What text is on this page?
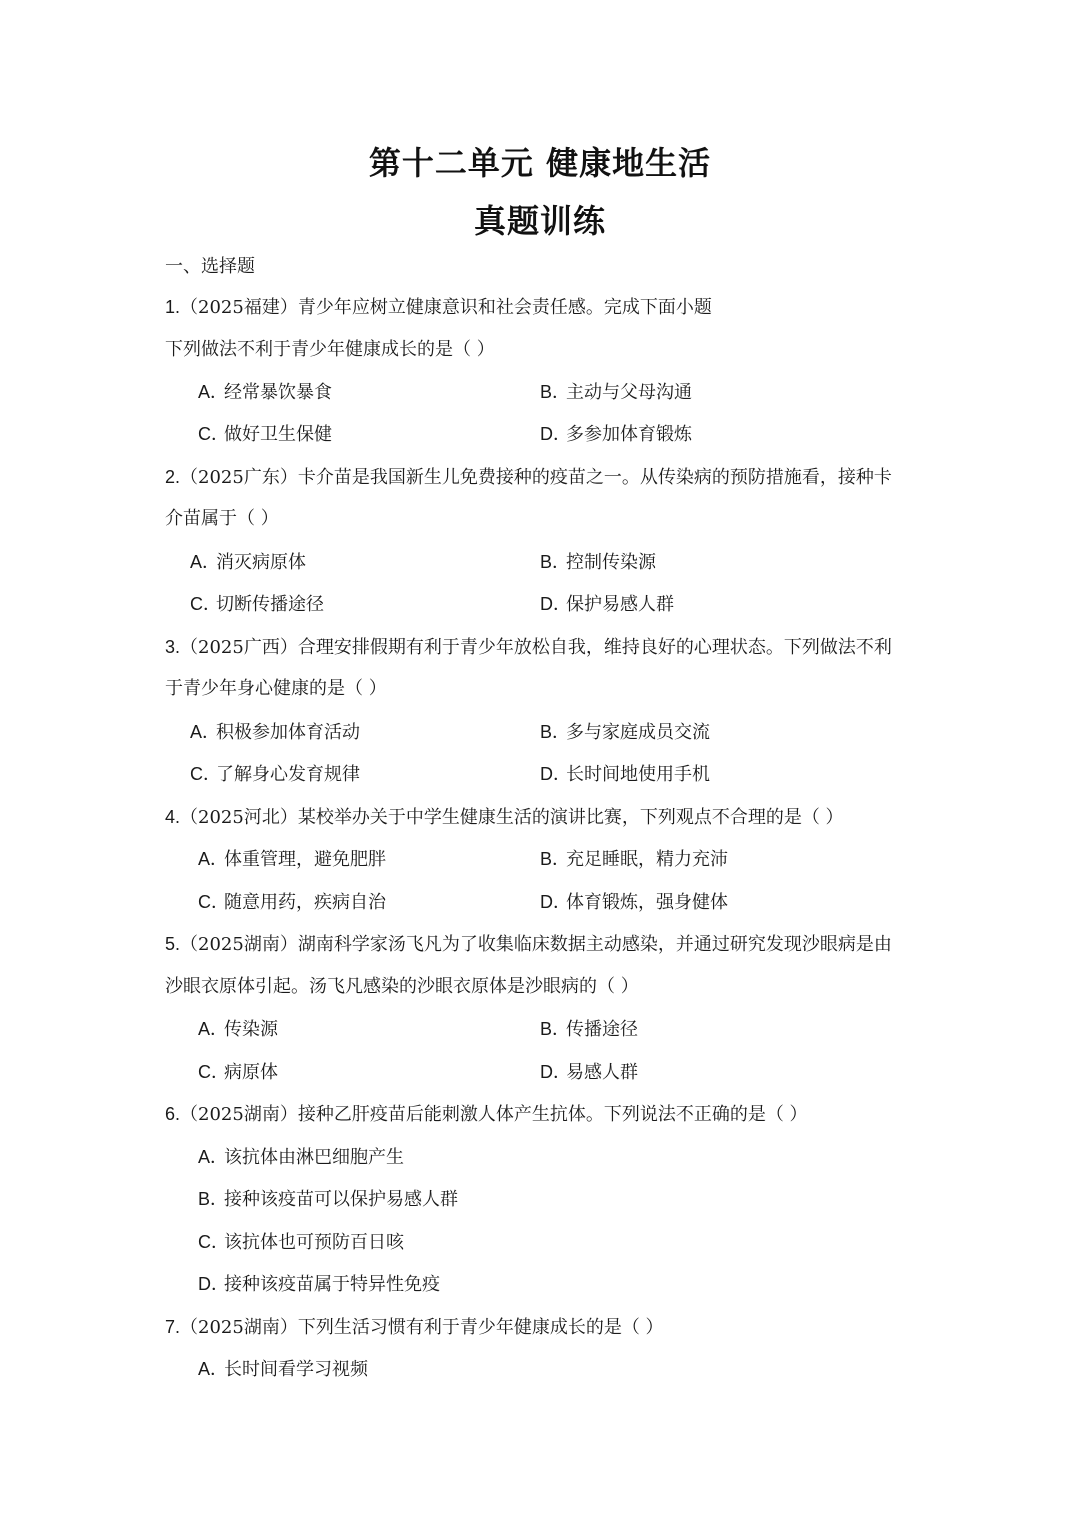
第十二单元 健康地生活
真题训练
一、选择题
1.（2025福建）青少年应树立健康意识和社会责任感。完成下面小题
下列做法不利于青少年健康成长的是（ ）
A．经常暴饮暴食	B．主动与父母沟通
C．做好卫生保健	D．多参加体育锻炼
2.（2025广东）卡介苗是我国新生儿免费接种的疫苗之一。从传染病的预防措施看，接种卡
介苗属于（ ）
A．消灭病原体	B．控制传染源
C．切断传播途径	D．保护易感人群
3.（2025广西）合理安排假期有利于青少年放松自我，维持良好的心理状态。下列做法不利
于青少年身心健康的是（ ）
A．积极参加体育活动	B．多与家庭成员交流
C．了解身心发育规律	D．长时间地使用手机
4.（2025河北）某校举办关于中学生健康生活的演讲比赛，下列观点不合理的是（ ）
A．体重管理，避免肥胖	B．充足睡眠，精力充沛
C．随意用药，疾病自治	D．体育锻炼，强身健体
5.（2025湖南）湖南科学家汤飞凡为了收集临床数据主动感染，并通过研究发现沙眼病是由
沙眼衣原体引起。汤飞凡感染的沙眼衣原体是沙眼病的（ ）
A．传染源	B．传播途径
C．病原体	D．易感人群
6.（2025湖南）接种乙肝疫苗后能刺激人体产生抗体。下列说法不正确的是（ ）
A．该抗体由淋巴细胞产生
B．接种该疫苗可以保护易感人群
C．该抗体也可预防百日咳
D．接种该疫苗属于特异性免疫
7.（2025湖南）下列生活习惯有利于青少年健康成长的是（ ）
A．长时间看学习视频
